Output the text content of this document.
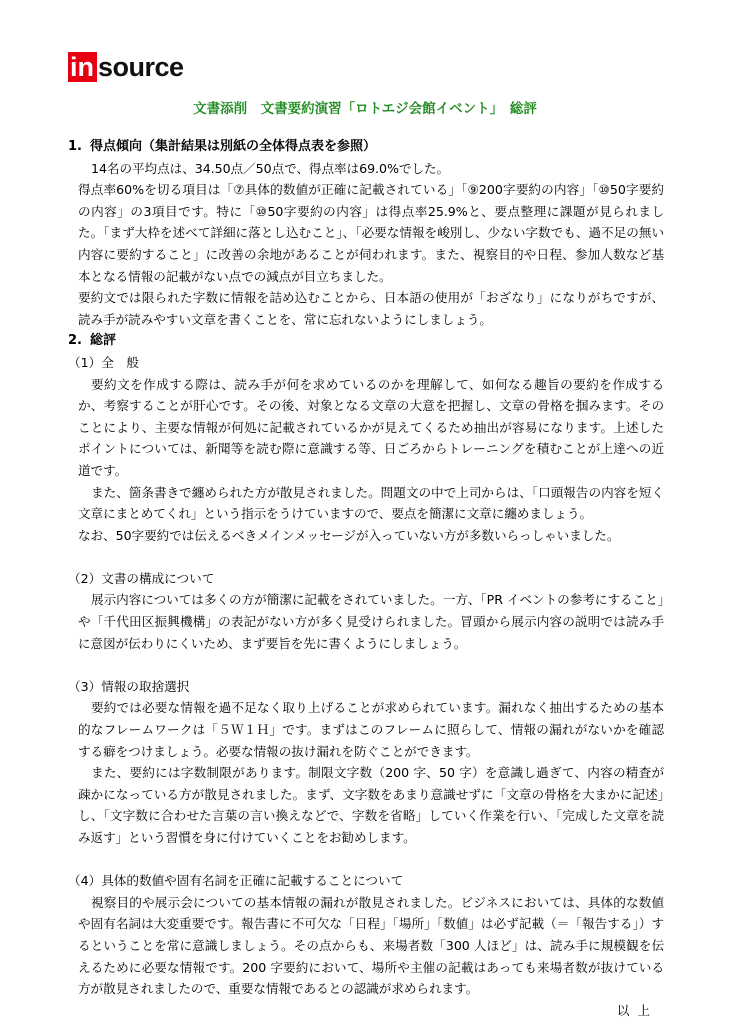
in source
文書添削　文書要約演習「ロトエジ会館イベント」　総評
1. 得点傾向（集計結果は別紙の全体得点表を参照）
14名の平均点は、34.50点／50点で、得点率は69.0%でした。
得点率60%を切る項目は「⑦具体的数値が正確に記載されている」「⑨200字要約の内容」「⑩50字要約の内容」の3項目です。特に「⑩50字要約の内容」は得点率25.9%と、要点整理に課題が見られました。「まず大枠を述べて詳細に落とし込むこと」、「必要な情報を峻別し、少ない字数でも、過不足の無い内容に要約すること」に改善の余地があることが伺われます。また、視察目的や日程、参加人数など基本となる情報の記載がない点での減点が目立ちました。
要約文では限られた字数に情報を詰め込むことから、日本語の使用が「おざなり」になりがちですが、読み手が読みやすい文章を書くことを、常に忘れないようにしましょう。
2. 総評
（1）全　般
要約文を作成する際は、読み手が何を求めているのかを理解して、如何なる趣旨の要約を作成するか、考察することが肝心です。その後、対象となる文章の大意を把握し、文章の骨格を掴みます。そのことにより、主要な情報が何処に記載されているかが見えてくるため抽出が容易になります。上述したポイントについては、新聞等を読む際に意識する等、日ごろからトレーニングを積むことが上達への近道です。
また、箇条書きで纏められた方が散見されました。問題文の中で上司からは、「口頭報告の内容を短く文章にまとめてくれ」という指示をうけていますので、要点を簡潔に文章に纏めましょう。
なお、50字要約では伝えるべきメインメッセージが入っていない方が多数いらっしゃいました。
（2）文書の構成について
展示内容については多くの方が簡潔に記載をされていました。一方、「PR イベントの参考にすること」や「千代田区振興機構」の表記がない方が多く見受けられました。冒頭から展示内容の説明では読み手に意図が伝わりにくいため、まず要旨を先に書くようにしましょう。
（3）情報の取捨選択
要約では必要な情報を過不足なく取り上げることが求められています。漏れなく抽出するための基本的なフレームワークは「５Ｗ１Ｈ」です。まずはこのフレームに照らして、情報の漏れがないかを確認する癖をつけましょう。必要な情報の抜け漏れを防ぐことができます。
また、要約には字数制限があります。制限文字数（200 字、50 字）を意識し過ぎて、内容の精査が疎かになっている方が散見されました。まず、文字数をあまり意識せずに「文章の骨格を大まかに記述」し、「文字数に合わせた言葉の言い換えなどで、字数を省略」していく作業を行い、「完成した文章を読み返す」という習慣を身に付けていくことをお勧めします。
（4）具体的数値や固有名詞を正確に記載することについて
視察目的や展示会についての基本情報の漏れが散見されました。ビジネスにおいては、具体的な数値や固有名詞は大変重要です。報告書に不可欠な「日程」「場所」「数値」は必ず記載（＝「報告する」）するということを常に意識しましょう。その点からも、来場者数「300 人ほど」は、読み手に規模観を伝えるために必要な情報です。200 字要約において、場所や主催の記載はあっても来場者数が抜けている方が散見されましたので、重要な情報であるとの認識が求められます。
以上
